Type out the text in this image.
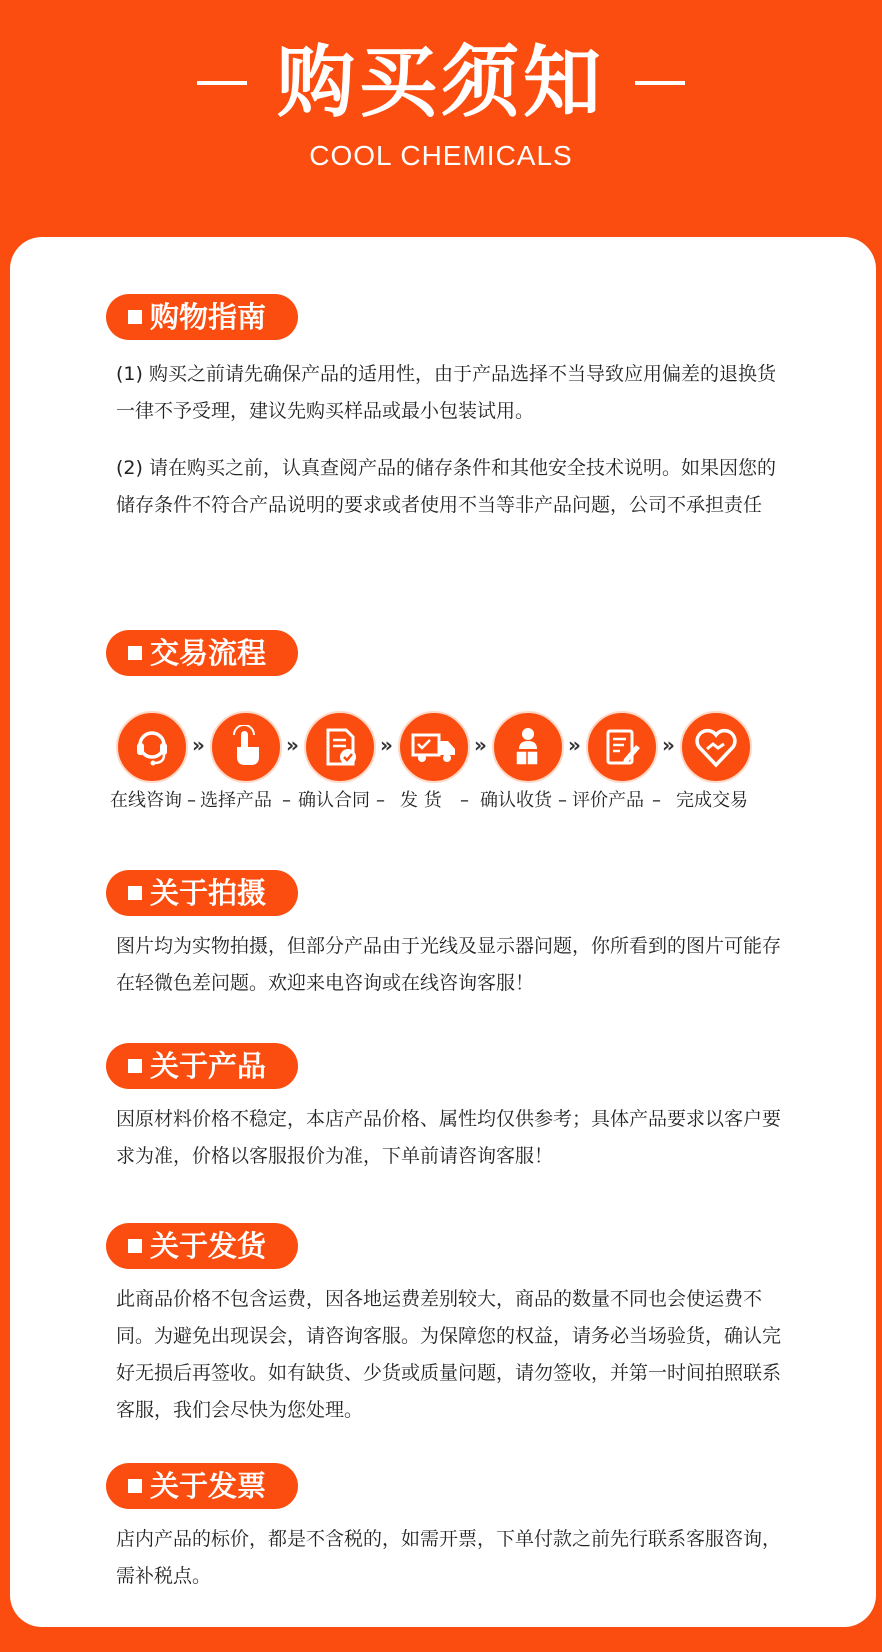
购买须知
COOL CHEMICALS
购物指南

(1) 购买之前请先确保产品的适用性，由于产品选择不当导致应用偏差的退换货一律不予受理，建议先购买样品或最小包装试用。

(2) 请在购买之前，认真查阅产品的储存条件和其他安全技术说明。如果因您的储存条件不符合产品说明的要求或者使用不当等非产品问题，公司不承担责任

交易流程
»	»	»	»	»	»
在线咨询 – 选择产品 – 确认合同 – 发 货 – 确认收货 – 评价产品 – 完成交易
关于拍摄

图片均为实物拍摄，但部分产品由于光线及显示器问题，你所看到的图片可能存在轻微色差问题。欢迎来电咨询或在线咨询客服！

关于产品

因原材料价格不稳定，本店产品价格、属性均仅供参考；具体产品要求以客户要求为准，价格以客服报价为准，下单前请咨询客服！

关于发货

此商品价格不包含运费，因各地运费差别较大，商品的数量不同也会使运费不同。为避免出现误会，请咨询客服。为保障您的权益，请务必当场验货，确认完好无损后再签收。如有缺货、少货或质量问题，请勿签收，并第一时间拍照联系客服，我们会尽快为您处理。

关于发票

店内产品的标价，都是不含税的，如需开票，下单付款之前先行联系客服咨询，需补税点。
